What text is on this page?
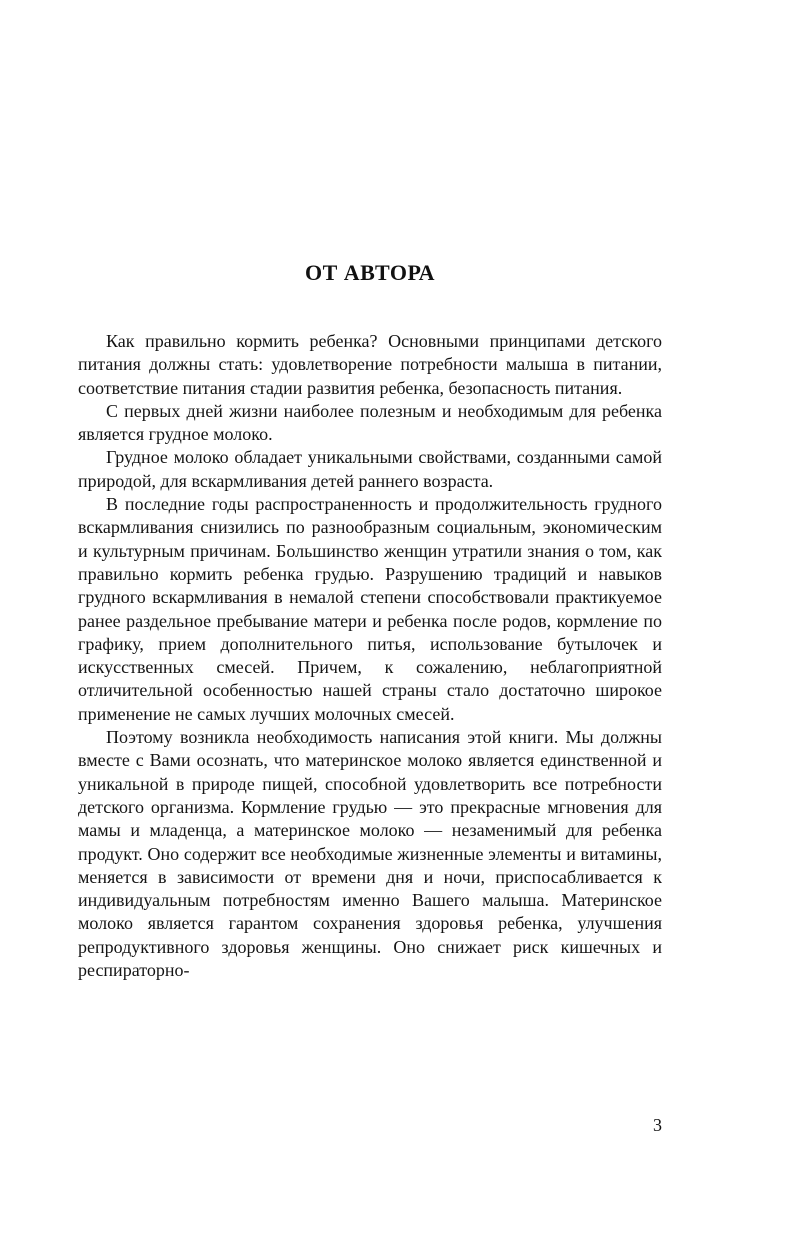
ОТ АВТОРА

Как правильно кормить ребенка? Основными принципами детского питания должны стать: удовлетворение потребности малыша в питании, соответствие питания стадии развития ребенка, безопасность питания.

С первых дней жизни наиболее полезным и необходимым для ребенка является грудное молоко.

Грудное молоко обладает уникальными свойствами, созданными самой природой, для вскармливания детей раннего возраста.

В последние годы распространенность и продолжительность грудного вскармливания снизились по разнообразным социальным, экономическим и культурным причинам. Большинство женщин утратили знания о том, как правильно кормить ребенка грудью. Разрушению традиций и навыков грудного вскармливания в немалой степени способствовали практикуемое ранее раздельное пребывание матери и ребенка после родов, кормление по графику, прием дополнительного питья, использование бутылочек и искусственных смесей. Причем, к сожалению, неблагоприятной отличительной особенностью нашей страны стало достаточно широкое применение не самых лучших молочных смесей.

Поэтому возникла необходимость написания этой книги. Мы должны вместе с Вами осознать, что материнское молоко является единственной и уникальной в природе пищей, способной удовлетворить все потребности детского организма. Кормление грудью — это прекрасные мгновения для мамы и младенца, а материнское молоко — незаменимый для ребенка продукт. Оно содержит все необходимые жизненные элементы и витамины, меняется в зависимости от времени дня и ночи, приспосабливается к индивидуальным потребностям именно Вашего малыша. Материнское молоко является гарантом сохранения здоровья ребенка, улучшения репродуктивного здоровья женщины. Оно снижает риск кишечных и респираторно-

3
